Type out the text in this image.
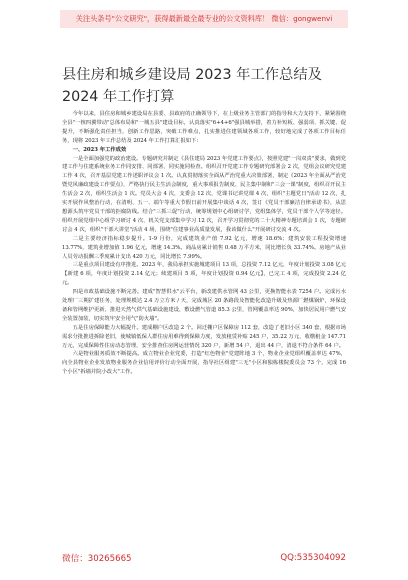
关注头条号"公文研究"，获得最新最全最专业的公文资料库！ 微信：gongwenvi
县住房和城乡建设局 2023 年工作总结及 2024 年工作打算

今年以来，县住房和城乡建设局在县委、县政府的正确领导下，在上级业务主管部门的指导和大力支持下，紧紧围绕全县"一核四翼带动"总体布局和"一城五县"建设目标，认真落实"6+4+6"强县城举措，着力补短板、强弱项、抓关键、促提升，不断强化责任担当，创新工作思路，突破工作难点，扎实推进住建领域各项工作，较好地完成了各项工作目标任务，现将 2023 年工作总结及 2024 年工作打算汇报如下：

一、2023 年工作成效

一是全面加强党的政治建设。专题研究并制定《县住建局 2023 年党建工作要点》，按照党建"一岗双责"要求，做到党建工作与住建系统业务工作同安排、同部署、同实施同检查。组织召开党建工作专题研究部署会 2 次，党组会议研究党建工作 4 次，召开基层党建工作述职评议会 1 次。认真贯彻落实全面从严治党重大决策部署，制定《2023 年全面从严治党暨党风廉政建设工作要点》，严格执行民主生活会制度，重大事项报告制度、民主集中制和"三会一课"制度，组织召开民主生活会 2 次，组织生活会 1 次。党员大会 4 次，支委会 12 次，党课书记讲党课 4 次，组织"主题党日"活动 12 次，扎实开展作风整治行动，在清明、五一、端午等重大节假日前开展集中谈话 4 次，签订《党员干部廉洁自律承诺书》，从思想源头筑牢党员干部的拒腐防线。结合"三抓三促"行动，统筹规划中心组研讨学，党组集体学，党员干部个人学等途径。组织开展党组中心组学习研讨 4 次、机关党支部集中学习 12 次，召开学习贯彻党的二十大精神专题培训会 1 次，专题研讨会 4 次，组织"干部大讲堂"活动 4 场，围绕"住建事业高质量发展，我该做什么"开展研讨交流 4 次。

二是主要经济指标稳步提升。1-9 月份，完成建筑业产值 7.92 亿元，增速 18.6%；建筑安装工程投资增速 13.77%，建筑业增加值 1.96 亿元，增速 14.3%。商品房累计销售 0.48 万平方米，同比增长负 33.74%。房地产从业人员劳动报酬三季度累计支出 420 万元，同比增长 7.99%。

三是重点项目建设有序推进。2023 年，我局承担实施城建项目 13 项，总投资 7.12 亿元，年度计划投资 3.08 亿元【新建 6 项，年度计划投资 2.14 亿元；续建项目 5 项，年度计划投资 0.94 亿元】，已完工 4 项，完成投资 2.24 亿元。

四是市政基础设施不断完善。建成"智慧供水"云平台，新改建供水管网 43 公里，更换智能水表 7254 户。完成污水处理厂三期扩建任务，处理规模达 2.4 万立方米 / 天，完成城区 20 条路段及智能化改造升级及热源厂燃煤锅炉，环保设备和管网维护更新，推进天然气供气基础设施建设，敷设燃气管道 85.3 公里，管网覆盖率达 90%，加快居民用户燃气安全装置加装，切实筑牢安全用气"防火墙"。

五是住房保障能力大幅提升。建成棚户区改造 2 个。回迁棚户区保障房 112 套，改造了老旧小区 340 套，根据市场需求分批推进拆除老旧，使城镇低保人群住房用难得到保障力度，发放租赁补贴 245 户，35.22 万元，收缴租金 147.71 万元，完成保障性住房动态管理，安全排查住房网运营情况 320 户，新增 54 户，退出 44 户，清退不符合条件 64 户。

六是物业服务质效不断提高。成立物业企业党委，打造"红色物业"党建阵地 3 个，物业企业党组织覆盖率达 47%，向全县物业企业发放物业服务企业信用评价行动全面开展，指导社区组建"三无"小区和独栋楼院委员会 73 个，完成 16 个小区"拆墙并院小改大"工作。

微信：30265665	QQ:535304092
